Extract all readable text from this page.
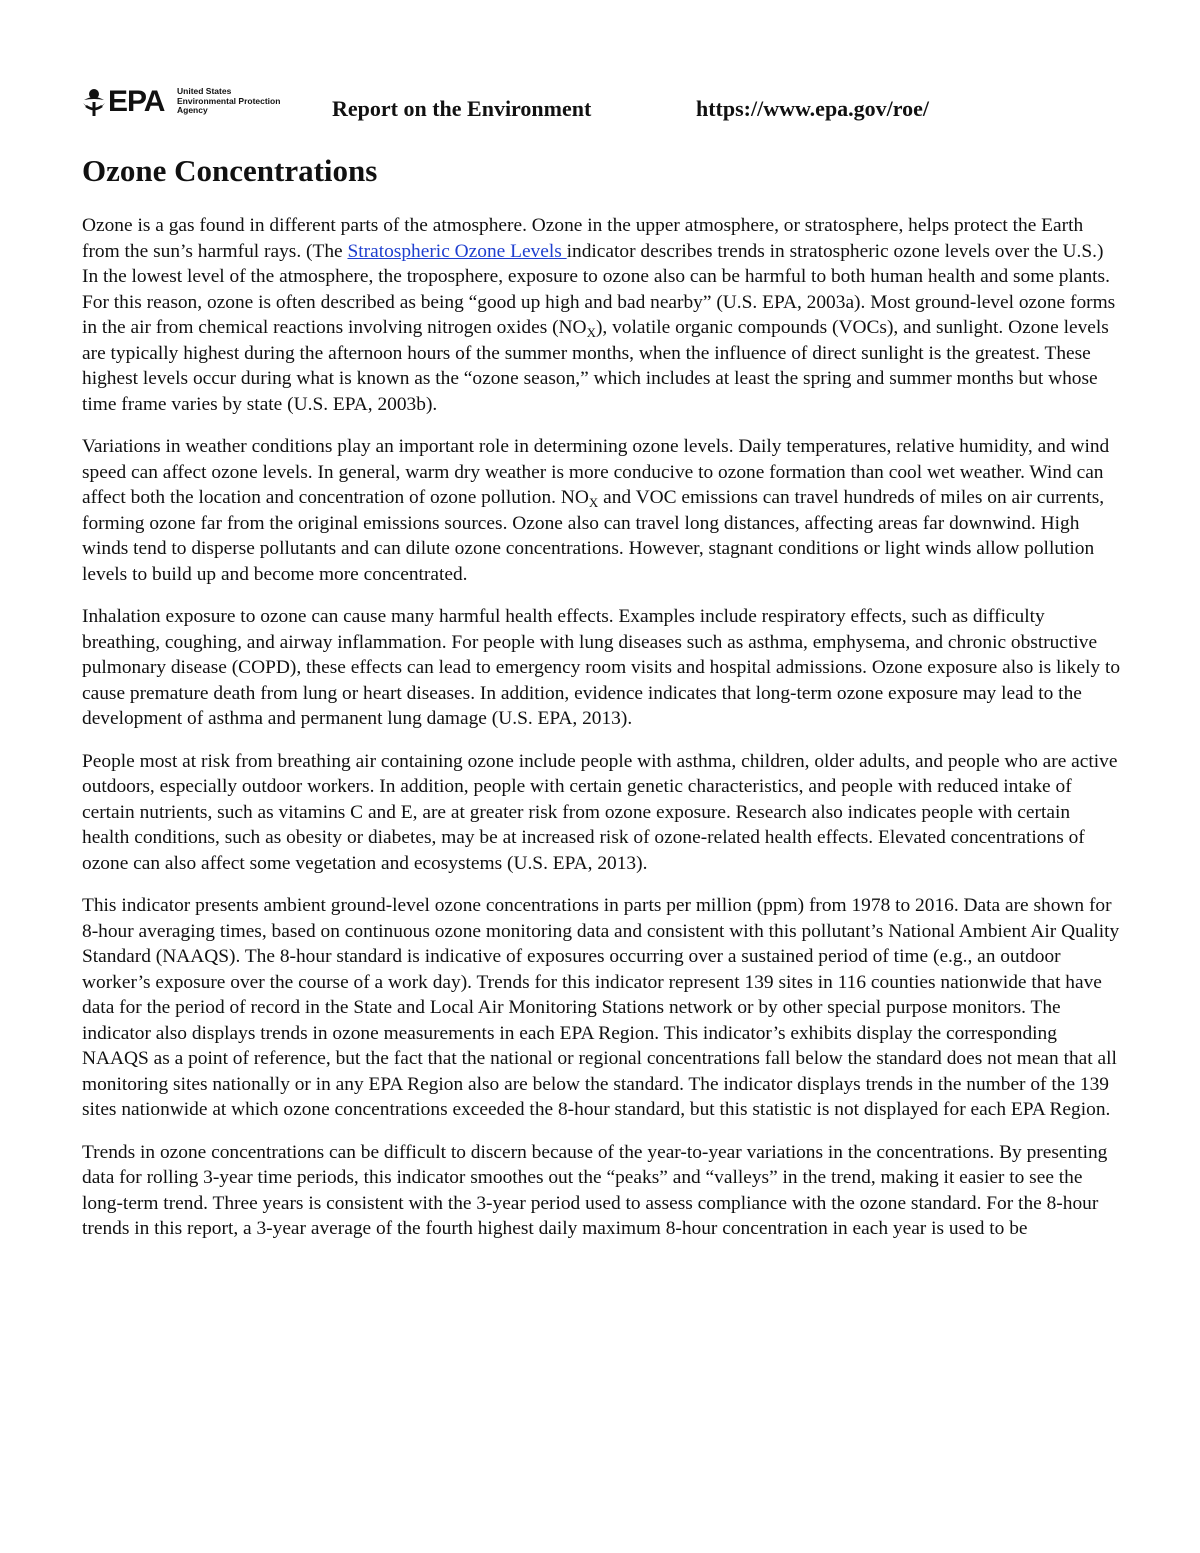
EPA United States
Environmental Protection
Agency	Report on the Environment	https://www.epa.gov/roe/
Ozone Concentrations

Ozone is a gas found in different parts of the atmosphere. Ozone in the upper atmosphere, or stratosphere, helps protect the Earth from the sun’s harmful rays. (The Stratospheric Ozone Levels indicator describes trends in stratospheric ozone levels over the U.S.) In the lowest level of the atmosphere, the troposphere, exposure to ozone also can be harmful to both human health and some plants. For this reason, ozone is often described as being “good up high and bad nearby” (U.S. EPA, 2003a). Most ground-level ozone forms in the air from chemical reactions involving nitrogen oxides $(NO_X)$, volatile organic compounds (VOCs), and sunlight. Ozone levels are typically highest during the afternoon hours of the summer months, when the influence of direct sunlight is the greatest. These highest levels occur during what is known as the “ozone season,” which includes at least the spring and summer months but whose time frame varies by state (U.S. EPA, 2003b).

Variations in weather conditions play an important role in determining ozone levels. Daily temperatures, relative humidity, and wind speed can affect ozone levels. In general, warm dry weather is more conducive to ozone formation than cool wet weather. Wind can affect both the location and concentration of ozone pollution. $NO_X$ and VOC emissions can travel hundreds of miles on air currents, forming ozone far from the original emissions sources. Ozone also can travel long distances, affecting areas far downwind. High winds tend to disperse pollutants and can dilute ozone concentrations. However, stagnant conditions or light winds allow pollution levels to build up and become more concentrated.

Inhalation exposure to ozone can cause many harmful health effects. Examples include respiratory effects, such as difficulty breathing, coughing, and airway inflammation. For people with lung diseases such as asthma, emphysema, and chronic obstructive pulmonary disease (COPD), these effects can lead to emergency room visits and hospital admissions. Ozone exposure also is likely to cause premature death from lung or heart diseases. In addition, evidence indicates that long-term ozone exposure may lead to the development of asthma and permanent lung damage (U.S. EPA, 2013).

People most at risk from breathing air containing ozone include people with asthma, children, older adults, and people who are active outdoors, especially outdoor workers. In addition, people with certain genetic characteristics, and people with reduced intake of certain nutrients, such as vitamins C and E, are at greater risk from ozone exposure. Research also indicates people with certain health conditions, such as obesity or diabetes, may be at increased risk of ozone-related health effects. Elevated concentrations of ozone can also affect some vegetation and ecosystems (U.S. EPA, 2013).

This indicator presents ambient ground-level ozone concentrations in parts per million (ppm) from 1978 to 2016. Data are shown for 8-hour averaging times, based on continuous ozone monitoring data and consistent with this pollutant’s National Ambient Air Quality Standard (NAAQS). The 8-hour standard is indicative of exposures occurring over a sustained period of time (e.g., an outdoor worker’s exposure over the course of a work day). Trends for this indicator represent 139 sites in 116 counties nationwide that have data for the period of record in the State and Local Air Monitoring Stations network or by other special purpose monitors. The indicator also displays trends in ozone measurements in each EPA Region. This indicator’s exhibits display the corresponding NAAQS as a point of reference, but the fact that the national or regional concentrations fall below the standard does not mean that all monitoring sites nationally or in any EPA Region also are below the standard. The indicator displays trends in the number of the 139 sites nationwide at which ozone concentrations exceeded the 8-hour standard, but this statistic is not displayed for each EPA Region.

Trends in ozone concentrations can be difficult to discern because of the year-to-year variations in the concentrations. By presenting data for rolling 3-year time periods, this indicator smoothes out the “peaks” and “valleys” in the trend, making it easier to see the long-term trend. Three years is consistent with the 3-year period used to assess compliance with the ozone standard. For the 8-hour trends in this report, a 3-year average of the fourth highest daily maximum 8-hour concentration in each year is used to be
